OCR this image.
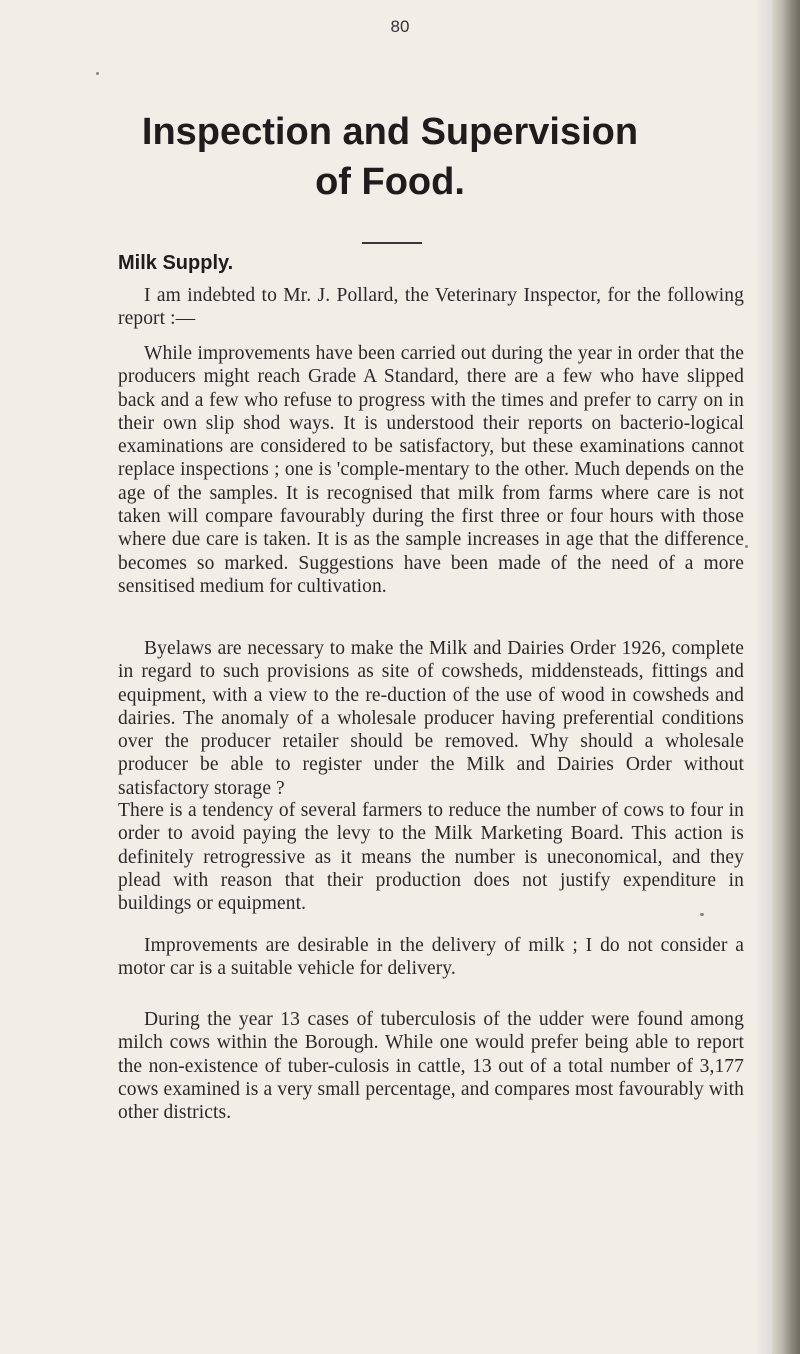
80
Inspection and Supervision
of Food.
Milk Supply.

I am indebted to Mr. J. Pollard, the Veterinary Inspector, for the following report :—

While improvements have been carried out during the year in order that the producers might reach Grade A Standard, there are a few who have slipped back and a few who refuse to progress with the times and prefer to carry on in their own slip shod ways. It is understood their reports on bacterio-logical examinations are considered to be satisfactory, but these examinations cannot replace inspections ; one is 'comple-mentary to the other. Much depends on the age of the samples. It is recognised that milk from farms where care is not taken will compare favourably during the first three or four hours with those where due care is taken. It is as the sample increases in age that the difference becomes so marked. Suggestions have been made of the need of a more sensitised medium for cultivation.

Byelaws are necessary to make the Milk and Dairies Order 1926, complete in regard to such provisions as site of cowsheds, middensteads, fittings and equipment, with a view to the re-duction of the use of wood in cowsheds and dairies. The anomaly of a wholesale producer having preferential conditions over the producer retailer should be removed. Why should a wholesale producer be able to register under the Milk and Dairies Order without satisfactory storage ?

There is a tendency of several farmers to reduce the number of cows to four in order to avoid paying the levy to the Milk Marketing Board. This action is definitely retrogressive as it means the number is uneconomical, and they plead with reason that their production does not justify expenditure in buildings or equipment.

Improvements are desirable in the delivery of milk ; I do not consider a motor car is a suitable vehicle for delivery.

During the year 13 cases of tuberculosis of the udder were found among milch cows within the Borough. While one would prefer being able to report the non-existence of tuber-culosis in cattle, 13 out of a total number of 3,177 cows examined is a very small percentage, and compares most favourably with other districts.
